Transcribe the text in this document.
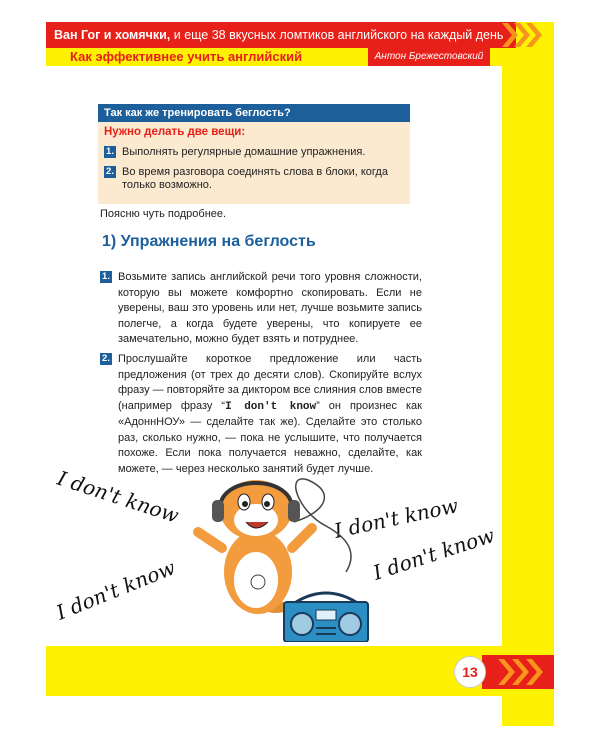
Ван Гог и хомячки, и еще 38 вкусных ломтиков английского на каждый день
Как эффективнее учить английский	Антон Брежестовский
Так как же тренировать беглость?
Нужно делать две вещи:
1. Выполнять регулярные домашние упражнения.
2. Во время разговора соединять слова в блоки, когда только возможно.
Поясню чуть подробнее.
1) Упражнения на беглость
1. Возьмите запись английской речи того уровня сложности, которую вы можете комфортно скопировать. Если не уверены, ваш это уровень или нет, лучше возьмите запись полегче, а когда будете уверены, что копируете ее замечательно, можно будет взять и потруднее.
2. Прослушайте короткое предложение или часть предложения (от трех до десяти слов). Скопируйте вслух фразу — повторяйте за диктором все слияния слов вместе (например фразу “I don't know” он произнес как «АдоннНОУ» — сделайте так же). Сделайте это столько раз, сколько нужно, — пока не услышите, что получается похоже. Если пока получается неважно, сделайте, как можете, — через несколько занятий будет лучше.
I don't know
I don't know
I don't know
I don't know
13
